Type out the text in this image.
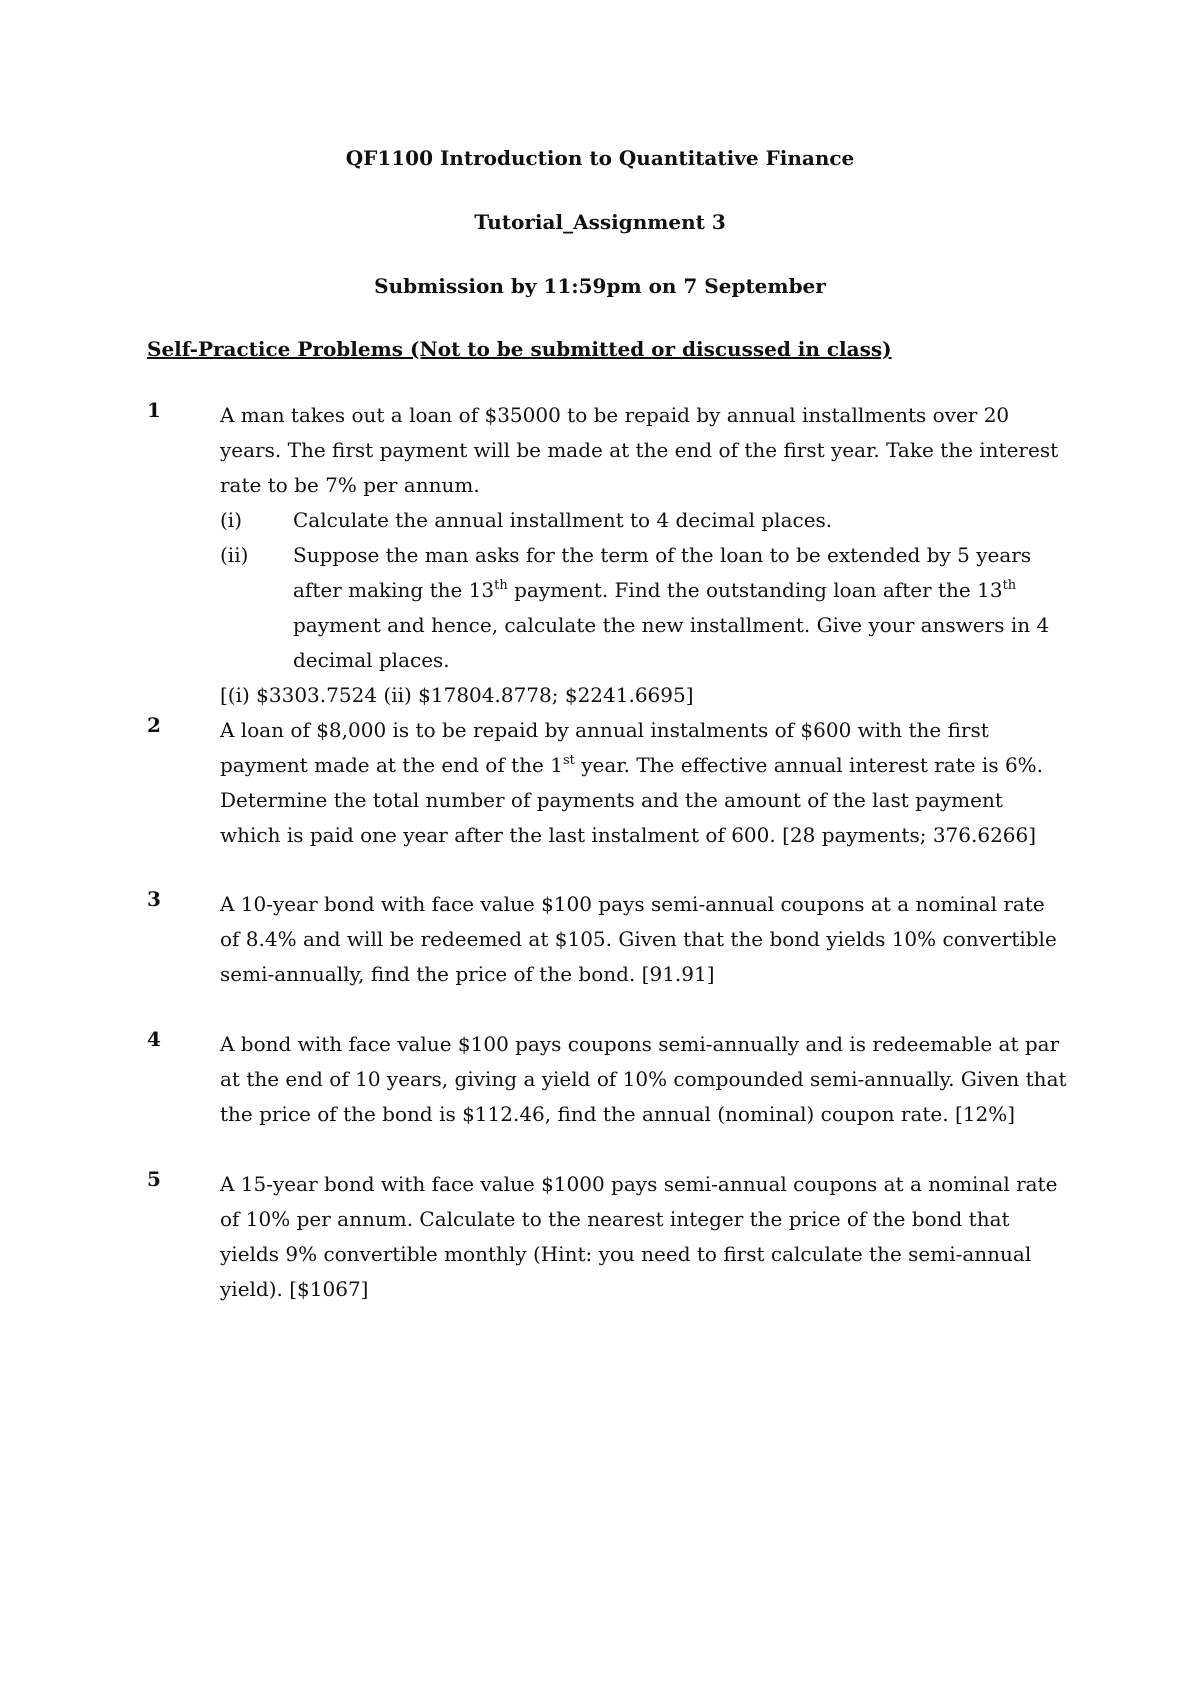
QF1100 Introduction to Quantitative Finance
Tutorial_Assignment 3
Submission by 11:59pm on 7 September
Self-Practice Problems (Not to be submitted or discussed in class)
1	A man takes out a loan of $35000 to be repaid by annual installments over 20 years. The first payment will be made at the end of the first year. Take the interest rate to be 7% per annum.

(i)	Calculate the annual installment to 4 decimal places.
(ii) Suppose the man asks for the term of the loan to be extended by 5 years after making the 13th payment. Find the outstanding loan after the 13th payment and hence, calculate the new installment. Give your answers in 4 decimal places.

[(i) $3303.7524 (ii) $17804.8778; $2241.6695]

2	A loan of $8,000 is to be repaid by annual instalments of $600 with the first payment made at the end of the 1st year. The effective annual interest rate is 6%. Determine the total number of payments and the amount of the last payment which is paid one year after the last instalment of 600. [28 payments; 376.6266]

3	A 10-year bond with face value $100 pays semi-annual coupons at a nominal rate of 8.4% and will be redeemed at $105. Given that the bond yields 10% convertible semi-annually, find the price of the bond. [91.91]

4	A bond with face value $100 pays coupons semi-annually and is redeemable at par at the end of 10 years, giving a yield of 10% compounded semi-annually. Given that the price of the bond is $112.46, find the annual (nominal) coupon rate. [12%]

5	A 15-year bond with face value $1000 pays semi-annual coupons at a nominal rate of 10% per annum. Calculate to the nearest integer the price of the bond that yields 9% convertible monthly (Hint: you need to first calculate the semi-annual yield). [$1067]
